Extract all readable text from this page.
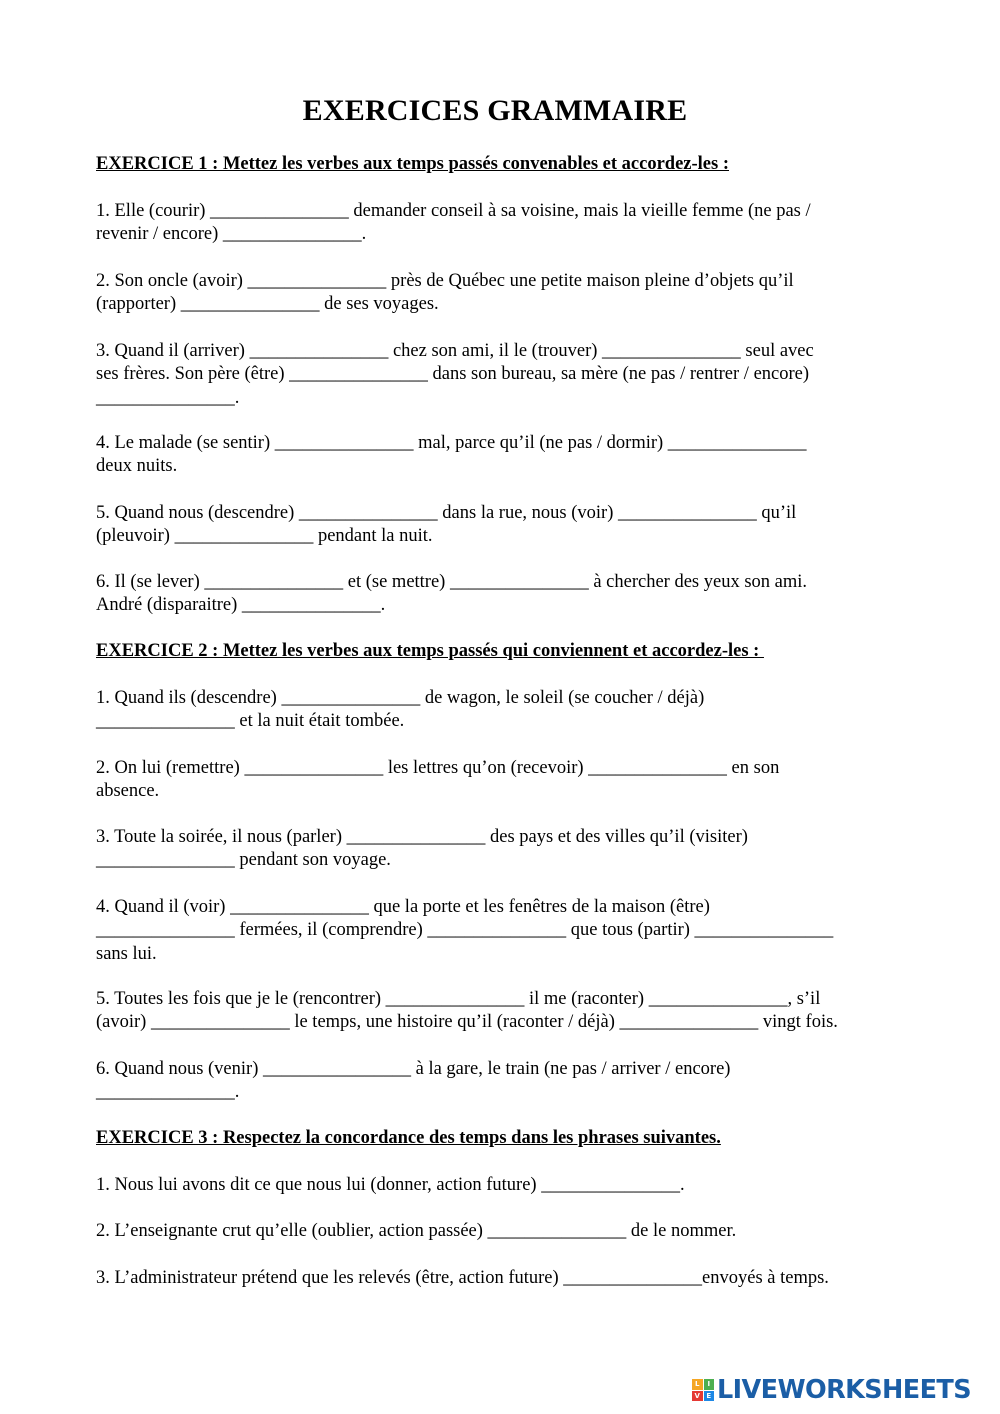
EXERCICES GRAMMAIRE

EXERCICE 1 : Mettez les verbes aux temps passés convenables et accordez-les :

1. Elle (courir) _______________ demander conseil à sa voisine, mais la vieille femme (ne pas /
revenir / encore) _______________.

2. Son oncle (avoir) _______________ près de Québec une petite maison pleine d’objets qu’il
(rapporter) _______________ de ses voyages.

3. Quand il (arriver) _______________ chez son ami, il le (trouver) _______________ seul avec
ses frères. Son père (être) _______________ dans son bureau, sa mère (ne pas / rentrer / encore)
_______________.

4. Le malade (se sentir) _______________ mal, parce qu’il (ne pas / dormir) _______________
deux nuits.

5. Quand nous (descendre) _______________ dans la rue, nous (voir) _______________ qu’il
(pleuvoir) _______________ pendant la nuit.

6. Il (se lever) _______________ et (se mettre) _______________ à chercher des yeux son ami.
André (disparaitre) _______________.

EXERCICE 2 : Mettez les verbes aux temps passés qui conviennent et accordez-les :

1. Quand ils (descendre) _______________ de wagon, le soleil (se coucher / déjà)
_______________ et la nuit était tombée.

2. On lui (remettre) _______________ les lettres qu’on (recevoir) _______________ en son
absence.

3. Toute la soirée, il nous (parler) _______________ des pays et des villes qu’il (visiter)
_______________ pendant son voyage.

4. Quand il (voir) _______________ que la porte et les fenêtres de la maison (être)
_______________ fermées, il (comprendre) _______________ que tous (partir) _______________
sans lui.

5. Toutes les fois que je le (rencontrer) _______________ il me (raconter) _______________, s’il
(avoir) _______________ le temps, une histoire qu’il (raconter / déjà) _______________ vingt fois.

6. Quand nous (venir) ________________ à la gare, le train (ne pas / arriver / encore)
_______________.

EXERCICE 3 : Respectez la concordance des temps dans les phrases suivantes.

1. Nous lui avons dit ce que nous lui (donner, action future) _______________.

2. L’enseignante crut qu’elle (oublier, action passée) _______________ de le nommer.

3. L’administrateur prétend que les relevés (être, action future) _______________envoyés à temps.

L	I
V E LIVEWORKSHEETS
